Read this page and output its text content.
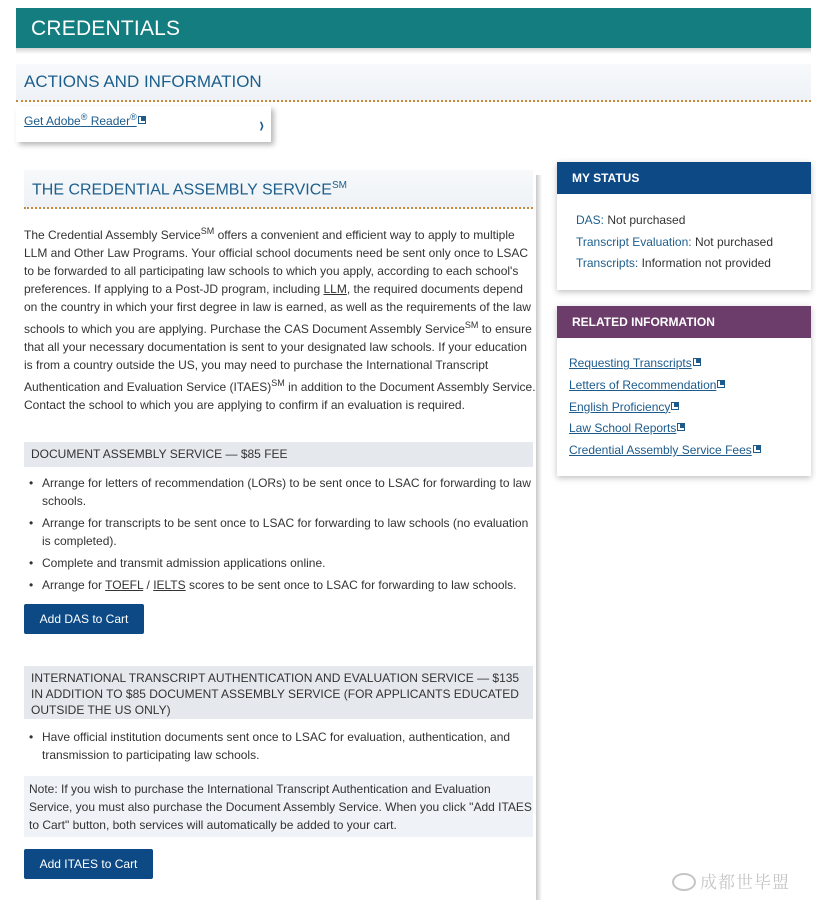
CREDENTIALS
ACTIONS AND INFORMATION
Get Adobe® Reader®	›
THE CREDENTIAL ASSEMBLY SERVICE℠

The Credential Assembly Service℠ offers a convenient and efficient way to apply to multiple LLM and Other Law Programs. Your official school documents need be sent only once to LSAC to be forwarded to all participating law schools to which you apply, according to each school's preferences. If applying to a Post-JD program, including LLM, the required documents depend on the country in which your first degree in law is earned, as well as the requirements of the law schools to which you are applying. Purchase the CAS Document Assembly Service℠ to ensure that all your necessary documentation is sent to your designated law schools. If your education is from a country outside the US, you may need to purchase the International Transcript Authentication and Evaluation Service (ITAES)℠ in addition to the Document Assembly Service. Contact the school to which you are applying to confirm if an evaluation is required.

DOCUMENT ASSEMBLY SERVICE — $85 FEE
• Arrange for letters of recommendation (LORs) to be sent once to LSAC for forwarding to law schools.
• Arrange for transcripts to be sent once to LSAC for forwarding to law schools (no evaluation is completed).
• Complete and transmit admission applications online.
• Arrange for TOEFL / IELTS scores to be sent once to LSAC for forwarding to law schools.
Add DAS to Cart
INTERNATIONAL TRANSCRIPT AUTHENTICATION AND EVALUATION SERVICE — $135 IN ADDITION TO $85 DOCUMENT ASSEMBLY SERVICE (FOR APPLICANTS EDUCATED OUTSIDE THE US ONLY)
• Have official institution documents sent once to LSAC for evaluation, authentication, and transmission to participating law schools.
Note: If you wish to purchase the International Transcript Authentication and Evaluation Service, you must also purchase the Document Assembly Service. When you click "Add ITAES to Cart" button, both services will automatically be added to your cart.
Add ITAES to Cart
MY STATUS
DAS: Not purchased
Transcript Evaluation: Not purchased
Transcripts: Information not provided
RELATED INFORMATION
Requesting Transcripts
Letters of Recommendation
English Proficiency
Law School Reports
Credential Assembly Service Fees
成都世毕盟
